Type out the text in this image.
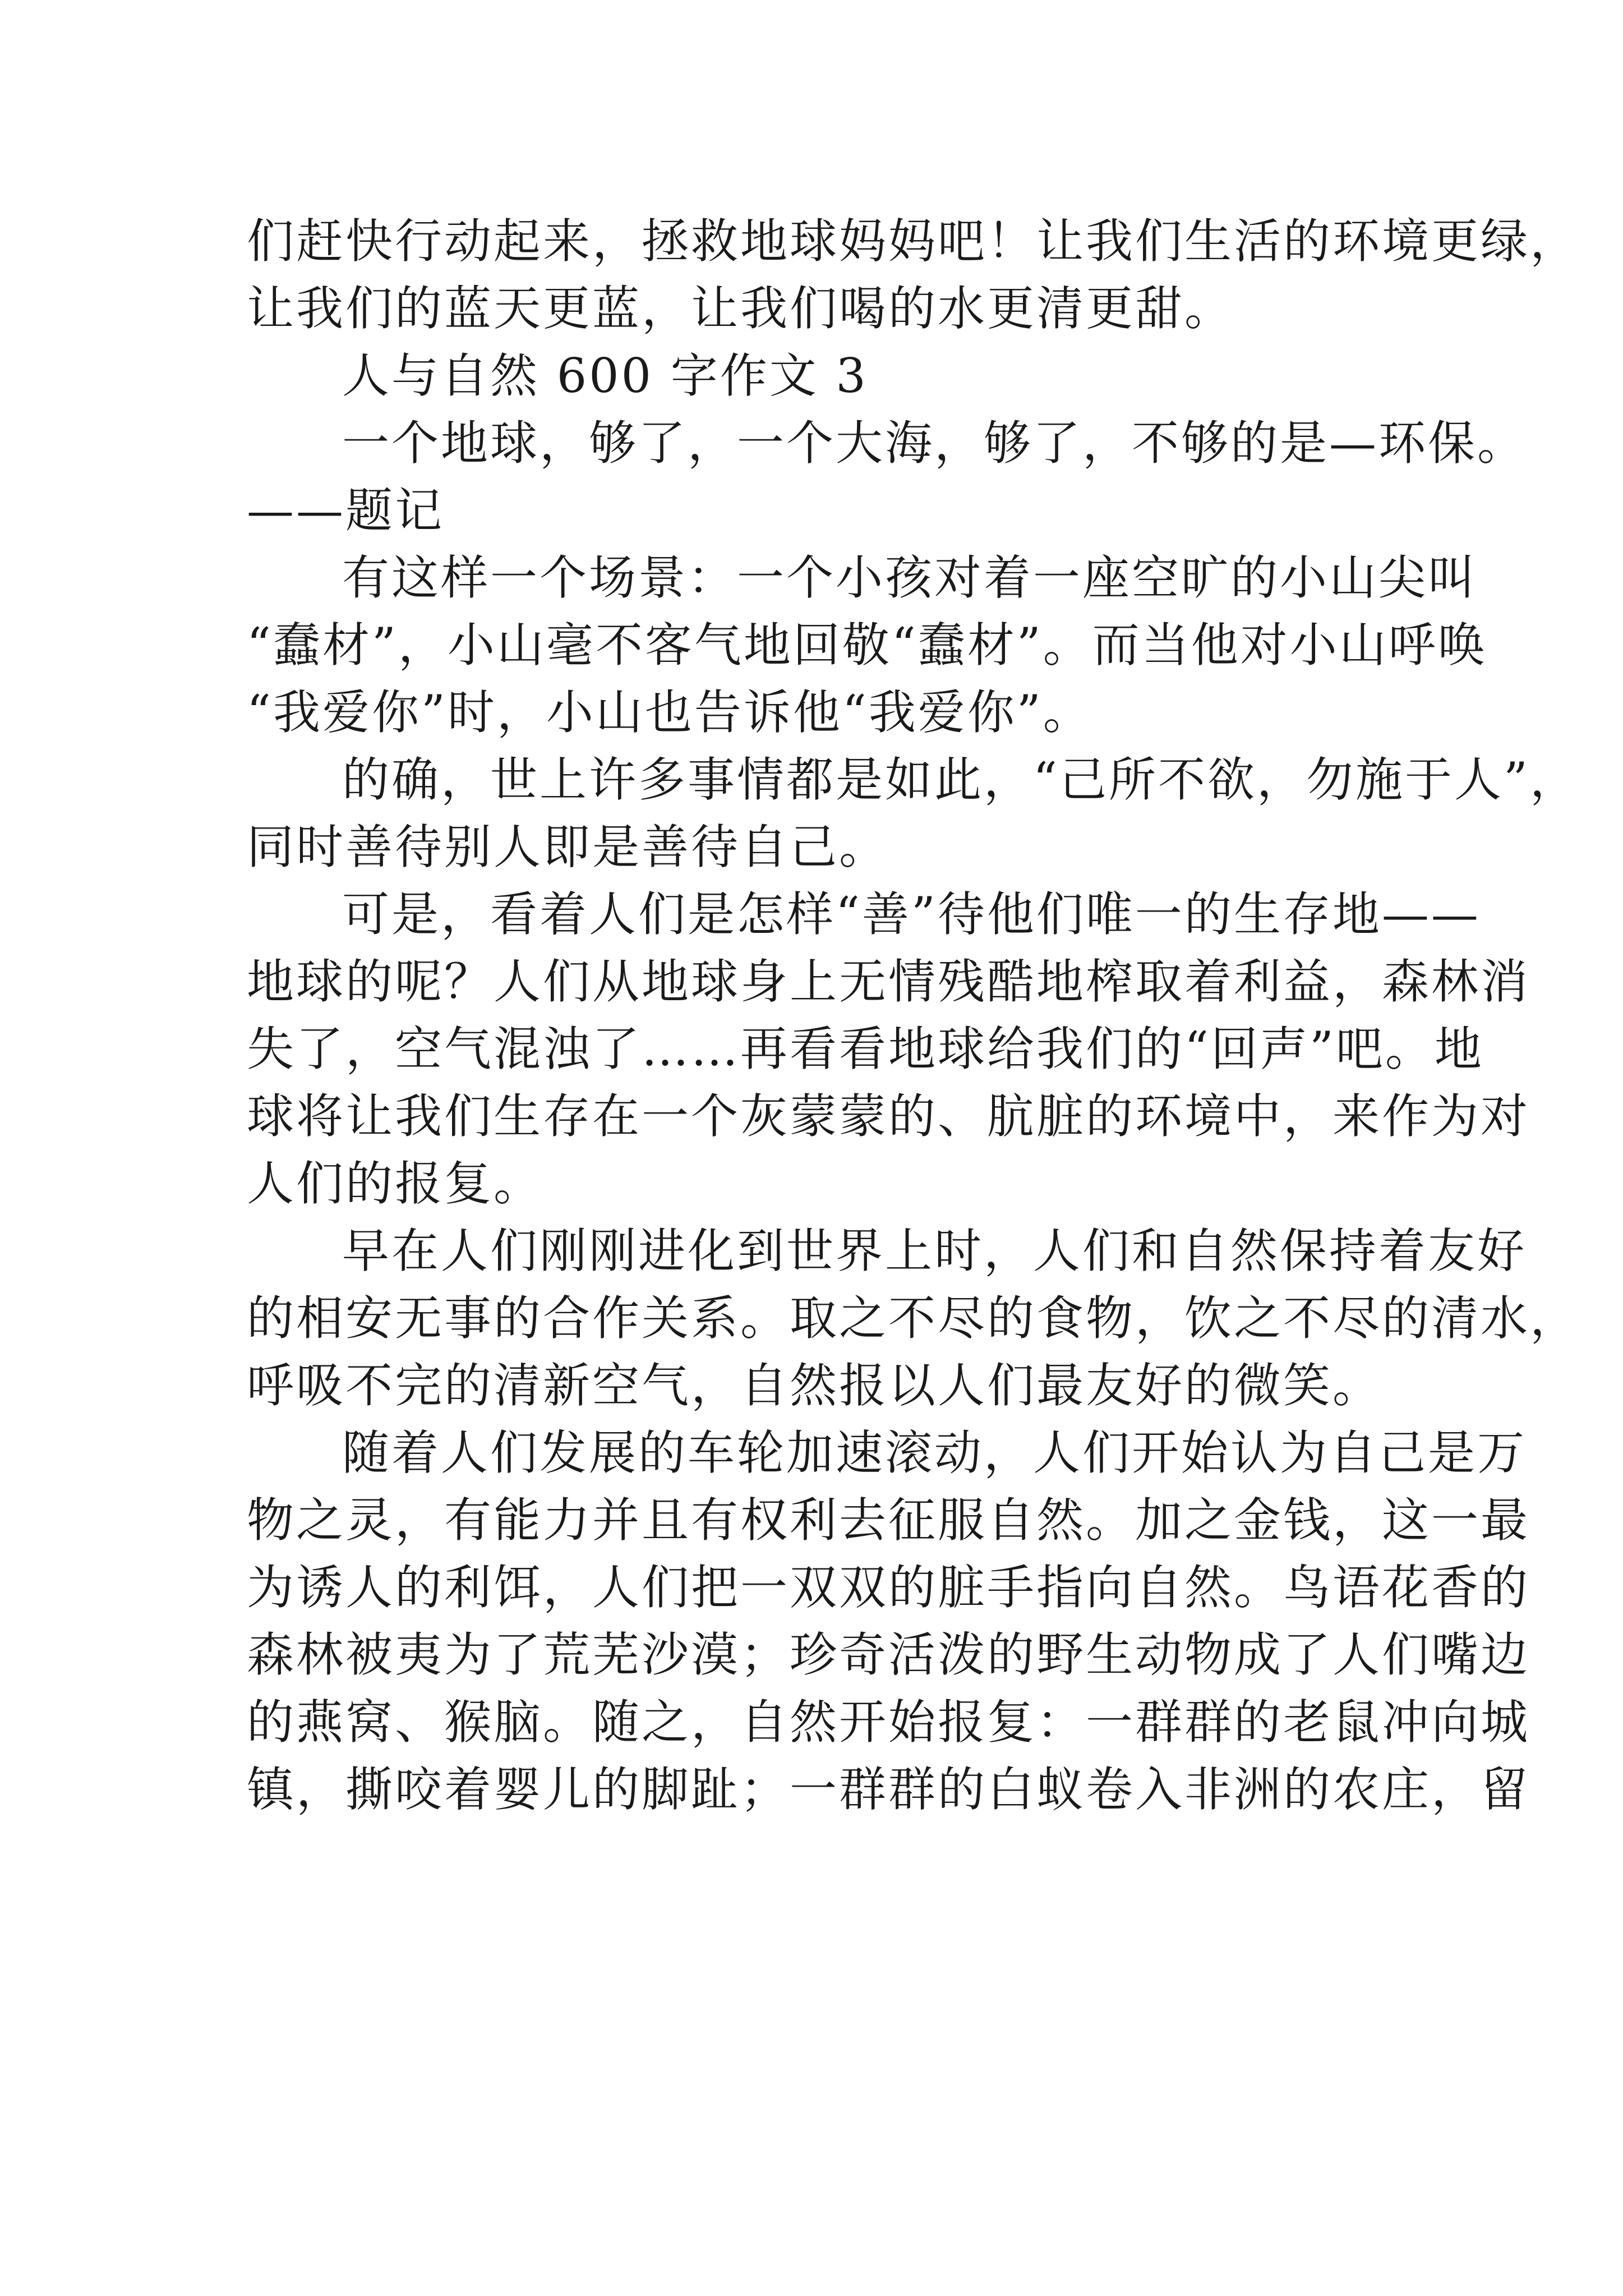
们赶快行动起来，拯救地球妈妈吧！让我们生活的环境更绿，
让我们的蓝天更蓝，让我们喝的水更清更甜。
人与自然 600 字作文 3
一个地球，够了，一个大海，够了，不够的是—环保。
——题记
有这样一个场景：一个小孩对着一座空旷的小山尖叫
“蠢材”，小山毫不客气地回敬“蠢材”。而当他对小山呼唤
“我爱你”时，小山也告诉他“我爱你”。
的确，世上许多事情都是如此，“己所不欲，勿施于人”，
同时善待别人即是善待自己。
可是，看着人们是怎样“善”待他们唯一的生存地——
地球的呢？人们从地球身上无情残酷地榨取着利益，森林消
失了，空气混浊了……再看看地球给我们的“回声”吧。地
球将让我们生存在一个灰蒙蒙的、肮脏的环境中，来作为对
人们的报复。
早在人们刚刚进化到世界上时，人们和自然保持着友好
的相安无事的合作关系。取之不尽的食物，饮之不尽的清水，
呼吸不完的清新空气，自然报以人们最友好的微笑。
随着人们发展的车轮加速滚动，人们开始认为自己是万
物之灵，有能力并且有权利去征服自然。加之金钱，这一最
为诱人的利饵，人们把一双双的脏手指向自然。鸟语花香的
森林被夷为了荒芜沙漠；珍奇活泼的野生动物成了人们嘴边
的燕窝、猴脑。随之，自然开始报复：一群群的老鼠冲向城
镇，撕咬着婴儿的脚趾；一群群的白蚁卷入非洲的农庄，留
